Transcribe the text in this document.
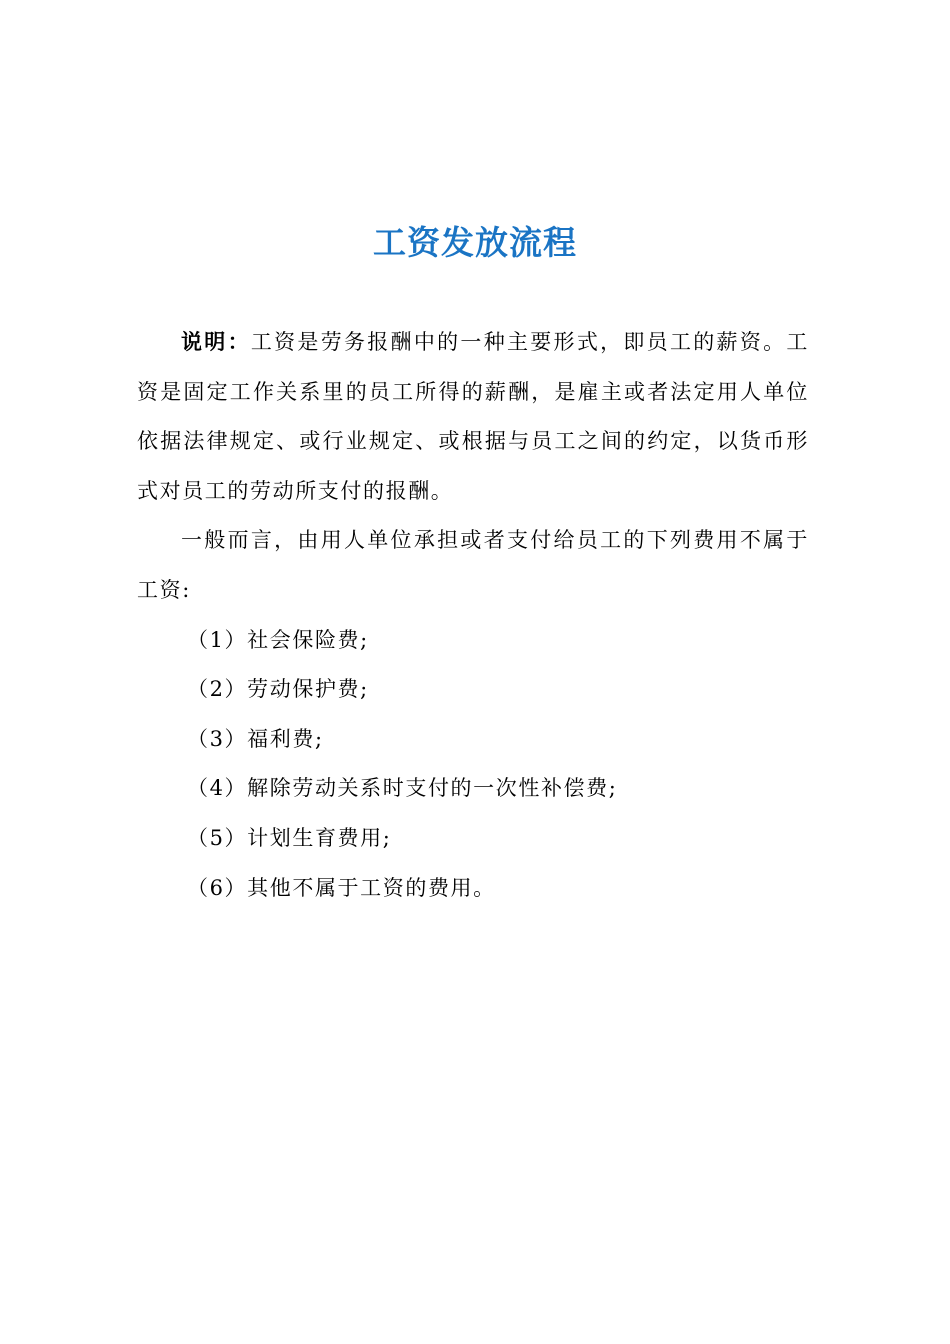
工资发放流程

说明：工资是劳务报酬中的一种主要形式，即员工的薪资。工资是固定工作关系里的员工所得的薪酬，是雇主或者法定用人单位依据法律规定、或行业规定、或根据与员工之间的约定，以货币形式对员工的劳动所支付的报酬。

一般而言，由用人单位承担或者支付给员工的下列费用不属于工资:

（1）社会保险费;
（2）劳动保护费;
（3）福利费;
（4）解除劳动关系时支付的一次性补偿费;
（5）计划生育费用;
（6）其他不属于工资的费用。
